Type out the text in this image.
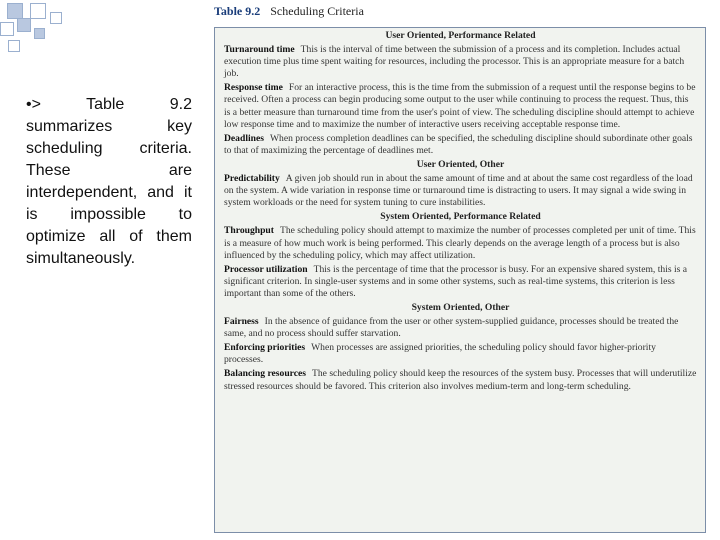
•> Table 9.2 summarizes key scheduling criteria. These are interdependent, and it is impossible to optimize all of them simultaneously.
Table 9.2 Scheduling Criteria
User Oriented, Performance Related
Turnaround time This is the interval of time between the submission of a process and its completion. Includes actual execution time plus time spent waiting for resources, including the processor. This is an appropriate measure for a batch job.
Response time For an interactive process, this is the time from the submission of a request until the response begins to be received. Often a process can begin producing some output to the user while continuing to process the request. Thus, this is a better measure than turnaround time from the user's point of view. The scheduling discipline should attempt to achieve low response time and to maximize the number of interactive users receiving acceptable response time.
Deadlines When process completion deadlines can be specified, the scheduling discipline should subordinate other goals to that of maximizing the percentage of deadlines met.
User Oriented, Other
Predictability A given job should run in about the same amount of time and at about the same cost regardless of the load on the system. A wide variation in response time or turnaround time is distracting to users. It may signal a wide swing in system workloads or the need for system tuning to cure instabilities.
System Oriented, Performance Related
Throughput The scheduling policy should attempt to maximize the number of processes completed per unit of time. This is a measure of how much work is being performed. This clearly depends on the average length of a process but is also influenced by the scheduling policy, which may affect utilization.
Processor utilization This is the percentage of time that the processor is busy. For an expensive shared system, this is a significant criterion. In single-user systems and in some other systems, such as real-time systems, this criterion is less important than some of the others.
System Oriented, Other
Fairness In the absence of guidance from the user or other system-supplied guidance, processes should be treated the same, and no process should suffer starvation.
Enforcing priorities When processes are assigned priorities, the scheduling policy should favor higher-priority processes.
Balancing resources The scheduling policy should keep the resources of the system busy. Processes that will underutilize stressed resources should be favored. This criterion also involves medium-term and long-term scheduling.
